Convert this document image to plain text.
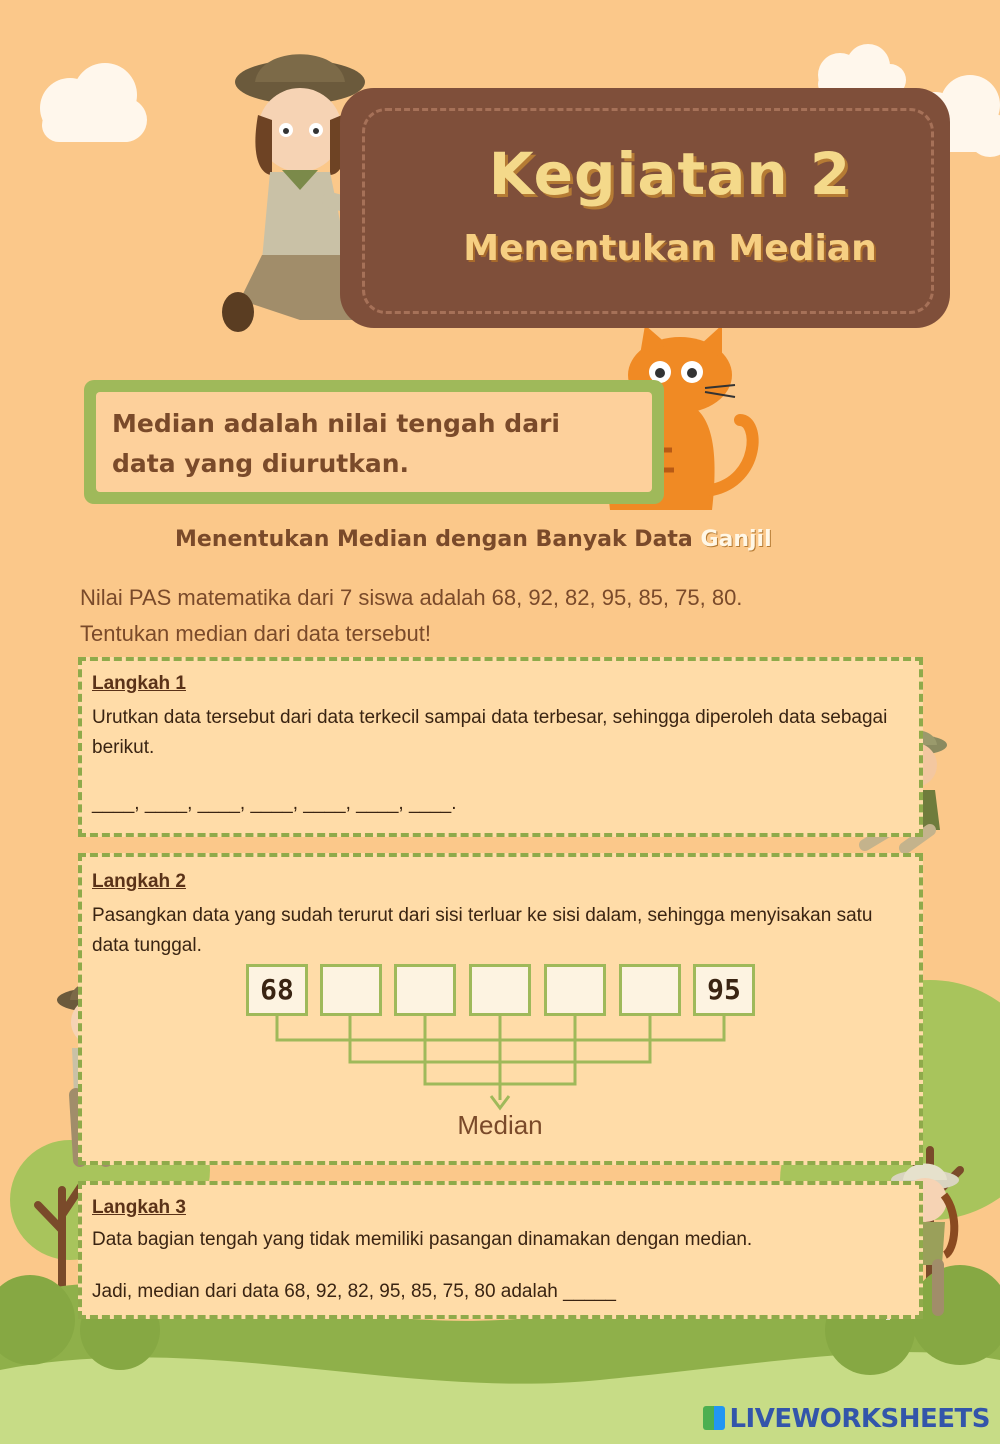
Kegiatan 2
Menentukan Median
Median adalah nilai tengah dari
data yang diurutkan.
Menentukan Median dengan Banyak Data Ganjil
Nilai PAS matematika dari 7 siswa adalah 68, 92, 82, 95, 85, 75, 80.
Tentukan median dari data tersebut!
Langkah 1
Urutkan data tersebut dari data terkecil sampai data terbesar, sehingga diperoleh data sebagai berikut.
____, ____, ____, ____, ____, ____, ____.
Langkah 2
Pasangkan data yang sudah terurut dari sisi terluar ke sisi dalam, sehingga menyisakan satu data tunggal.
68	95
Median
Langkah 3
Data bagian tengah yang tidak memiliki pasangan dinamakan dengan median.
Jadi, median dari data 68, 92, 82, 95, 85, 75, 80 adalah _____
LIVEWORKSHEETS
